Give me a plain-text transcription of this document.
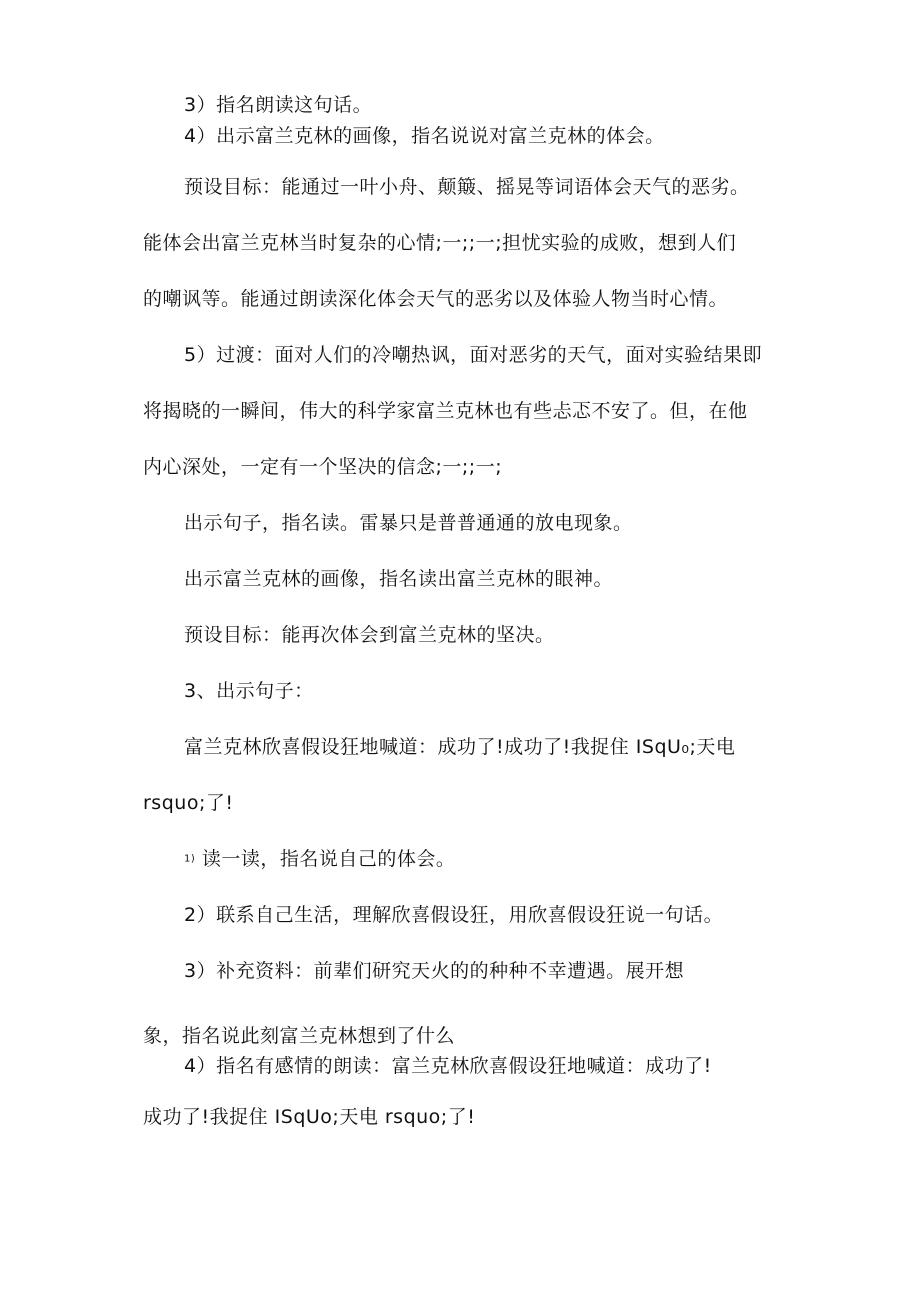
3）指名朗读这句话。
4）出示富兰克林的画像，指名说说对富兰克林的体会。
预设目标：能通过一叶小舟、颠簸、摇晃等词语体会天气的恶劣。
能体会出富兰克林当时复杂的心情;一;;一;担忧实验的成败，想到人们
的嘲讽等。能通过朗读深化体会天气的恶劣以及体验人物当时心情。
5）过渡：面对人们的冷嘲热讽，面对恶劣的天气，面对实验结果即
将揭晓的一瞬间，伟大的科学家富兰克林也有些忐忑不安了。但，在他
内心深处，一定有一个坚决的信念;一;;一;
出示句子，指名读。雷暴只是普普通通的放电现象。
出示富兰克林的画像，指名读出富兰克林的眼神。
预设目标：能再次体会到富兰克林的坚决。
3、出示句子：
富兰克林欣喜假设狂地喊道：成功了!成功了!我捉住 ISqU₀;天电
rsquo;了!
1) 读一读，指名说自己的体会。
2）联系自己生活，理解欣喜假设狂，用欣喜假设狂说一句话。
3）补充资料：前辈们研究天火的的种种不幸遭遇。展开想
象，指名说此刻富兰克林想到了什么
4）指名有感情的朗读：富兰克林欣喜假设狂地喊道：成功了!
成功了!我捉住 ISqUo;天电 rsquo;了!
